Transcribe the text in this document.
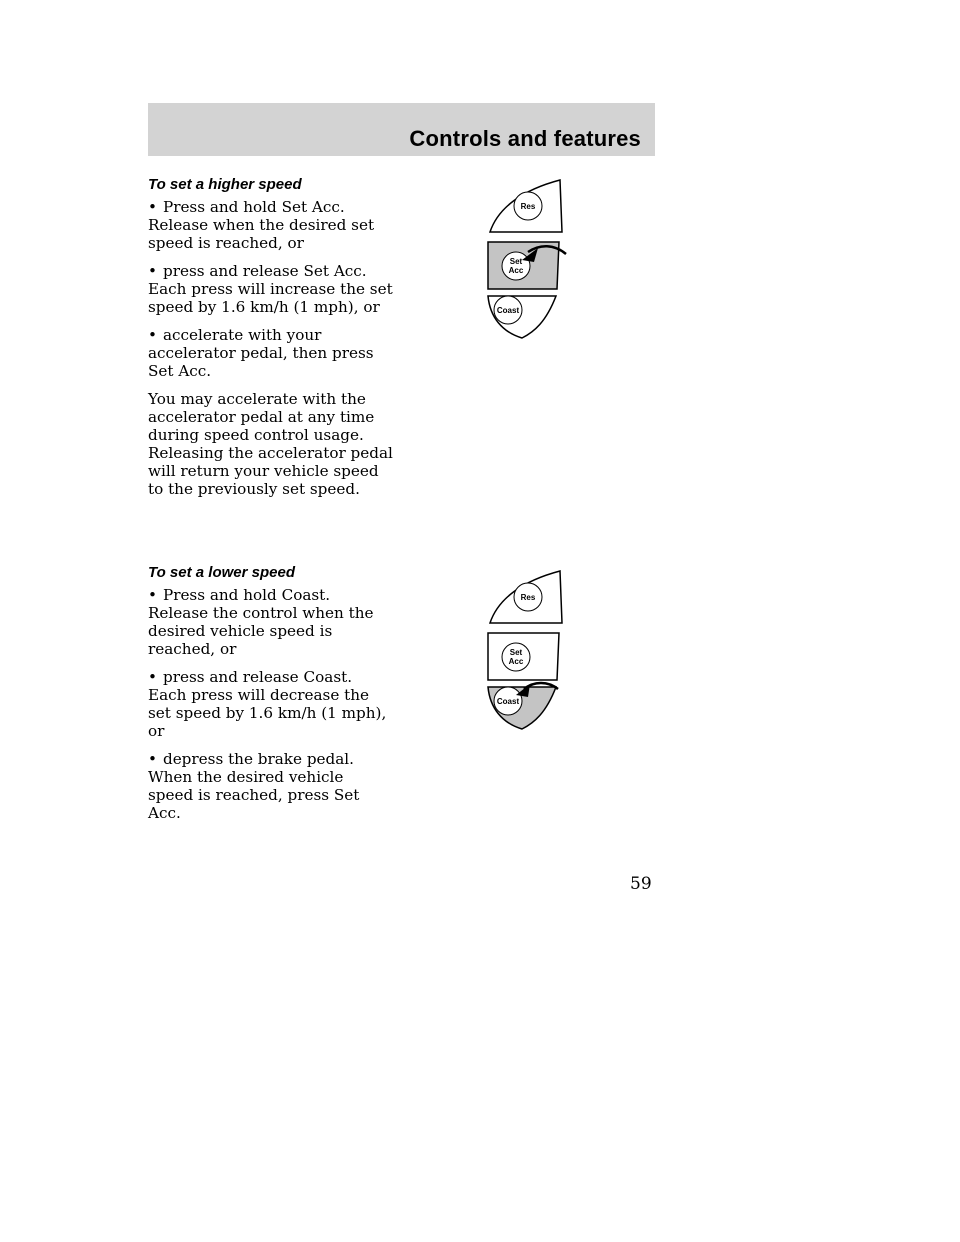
Controls and features
To set a higher speed
• Press and hold Set Acc. Release when the desired set speed is reached, or
• press and release Set Acc. Each press will increase the set speed by 1.6 km/h (1 mph), or
• accelerate with your accelerator pedal, then press Set Acc.

You may accelerate with the accelerator pedal at any time during speed control usage. Releasing the accelerator pedal will return your vehicle speed to the previously set speed.

Res
Set
Acc
Coast
To set a lower speed
• Press and hold Coast. Release the control when the desired vehicle speed is reached, or
• press and release Coast. Each press will decrease the set speed by 1.6 km/h (1 mph), or
• depress the brake pedal. When the desired vehicle speed is reached, press Set Acc.
Res
Set
Acc
Coast
59
